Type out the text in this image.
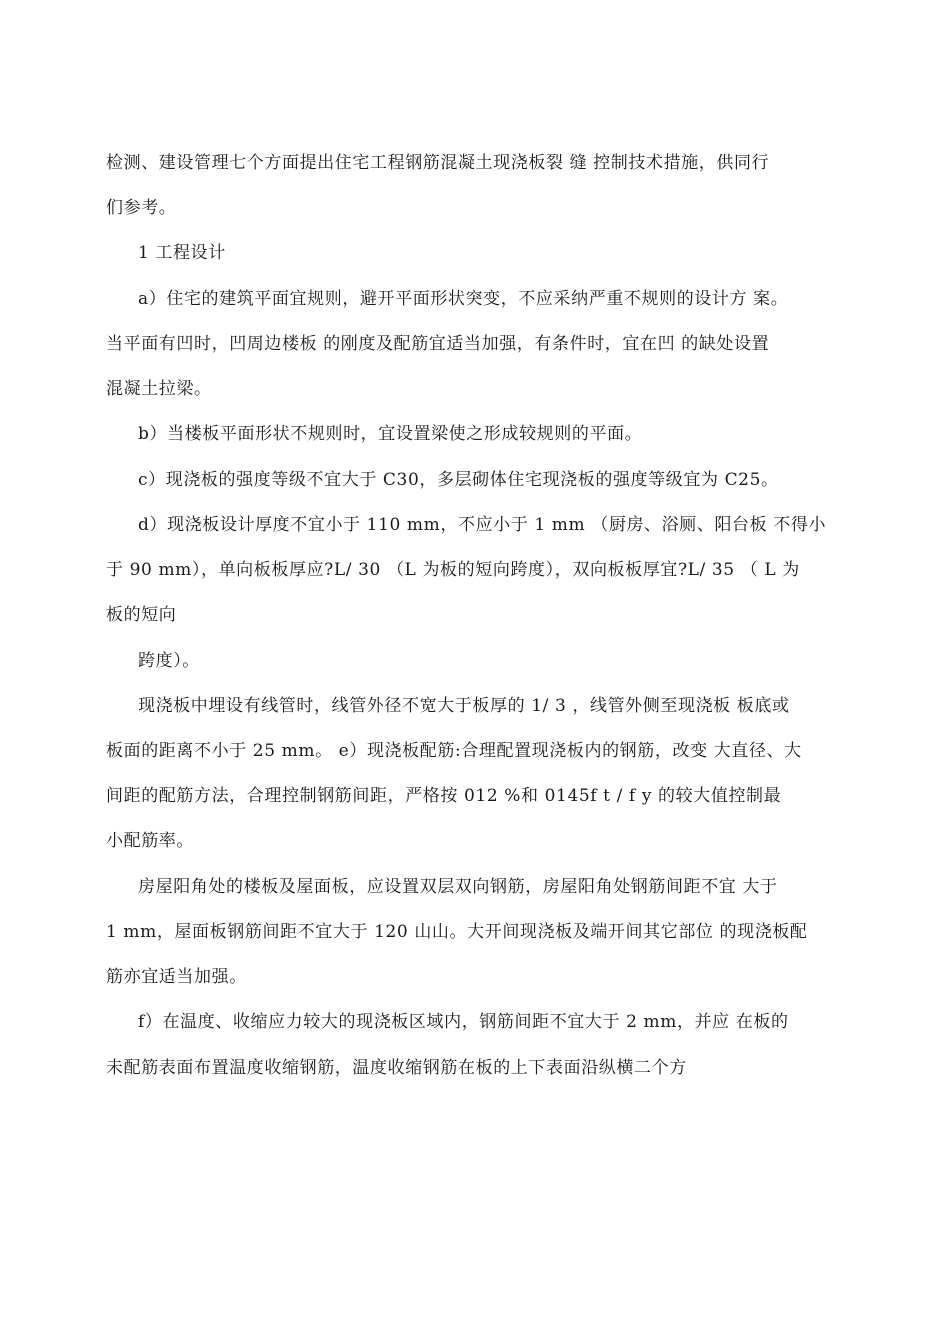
检测、建设管理七个方面提出住宅工程钢筋混凝土现浇板裂 缝 控制技术措施，供同行
们参考。
1 工程设计
a）住宅的建筑平面宜规则，避开平面形状突变，不应采纳严重不规则的设计方 案。
当平面有凹时，凹周边楼板 的刚度及配筋宜适当加强，有条件时，宜在凹 的缺处设置
混凝土拉梁。
b）当楼板平面形状不规则时，宜设置梁使之形成较规则的平面。
c）现浇板的强度等级不宜大于 C30，多层砌体住宅现浇板的强度等级宜为 C25。
d）现浇板设计厚度不宜小于 110 mm，不应小于 1 mm （厨房、浴厕、阳台板 不得小
于 90 mm），单向板板厚应?L/ 30 （L 为板的短向跨度），双向板板厚宜?L/ 35 （ L 为
板的短向
跨度）。
现浇板中埋设有线管时，线管外径不宽大于板厚的 1/ 3 ，线管外侧至现浇板 板底或
板面的距离不小于 25 mm。 e）现浇板配筋:合理配置现浇板内的钢筋，改变 大直径、大
间距的配筋方法，合理控制钢筋间距，严格按 012 %和 0145f t / f y 的较大值控制最
小配筋率。
房屋阳角处的楼板及屋面板，应设置双层双向钢筋，房屋阳角处钢筋间距不宜 大于
1 mm，屋面板钢筋间距不宜大于 120 山山。大开间现浇板及端开间其它部位 的现浇板配
筋亦宜适当加强。
f）在温度、收缩应力较大的现浇板区域内，钢筋间距不宜大于 2 mm，并应 在板的
未配筋表面布置温度收缩钢筋，温度收缩钢筋在板的上下表面沿纵横二个方
